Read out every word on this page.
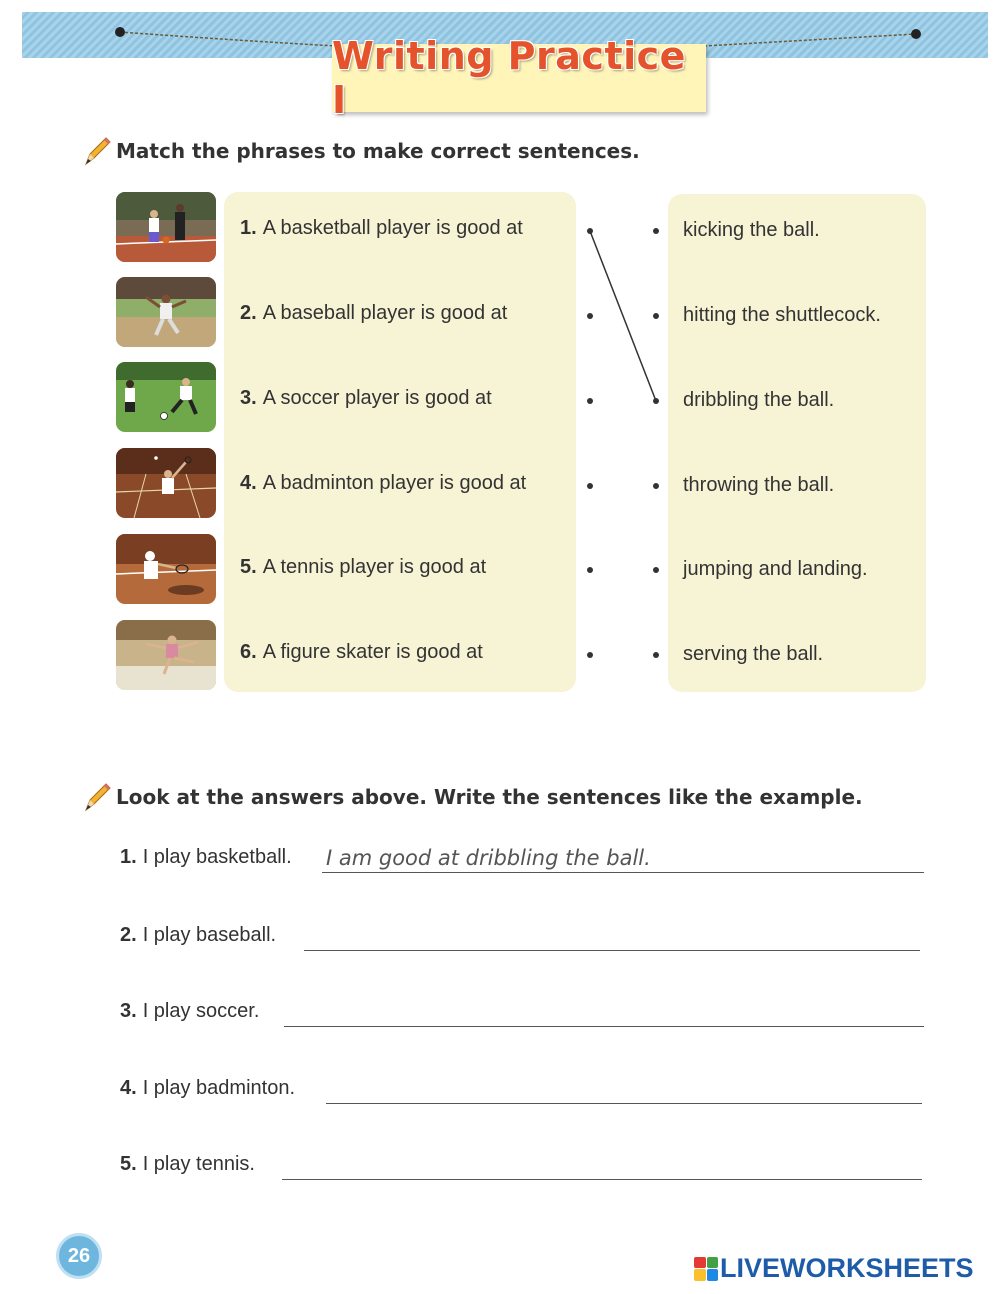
Writing Practice I
Match the phrases to make correct sentences.
1. A basketball player is good at
2. A baseball player is good at
3. A soccer player is good at
4. A badminton player is good at
5. A tennis player is good at
6. A figure skater is good at
kicking the ball.
hitting the shuttlecock.
dribbling the ball.
throwing the ball.
jumping and landing.
serving the ball.
Look at the answers above. Write the sentences like the example.
1. I play basketball.
I am good at dribbling the ball.
2. I play baseball.
3. I play soccer.
4. I play badminton.
5. I play tennis.
26	LIVEWORKSHEETS
